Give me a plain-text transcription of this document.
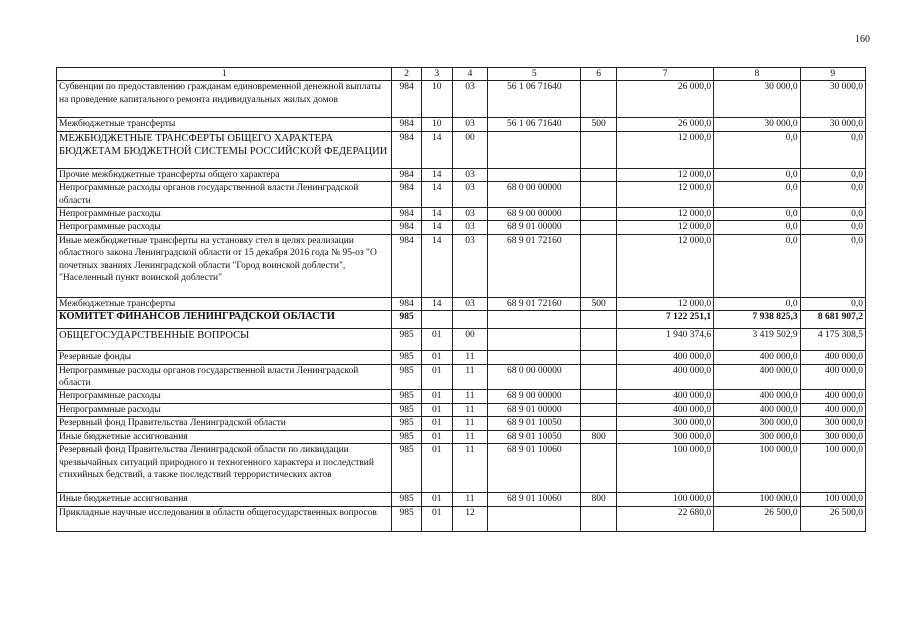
160
1	2	3	4	5	6	7	8	9
Субвенции по предоставлению гражданам единовременной денежной выплаты на проведение капитального ремонта индивидуальных жилых домов	984	10	03	56 1 06 71640		26 000,0	30 000,0	30 000,0
Межбюджетные трансферты	984	10	03	56 1 06 71640	500	26 000,0	30 000,0	30 000,0
МЕЖБЮДЖЕТНЫЕ ТРАНСФЕРТЫ ОБЩЕГО ХАРАКТЕРА БЮДЖЕТАМ БЮДЖЕТНОЙ СИСТЕМЫ РОССИЙСКОЙ ФЕДЕРАЦИИ	984	14	00			12 000,0	0,0	0,0
Прочие межбюджетные трансферты общего характера	984	14	03			12 000,0	0,0	0,0
Непрограммные расходы органов государственной власти Ленинградской области	984	14	03	68 0 00 00000		12 000,0	0,0	0,0
Непрограммные расходы	984	14	03	68 9 00 00000		12 000,0	0,0	0,0
Непрограммные расходы	984	14	03	68 9 01 00000		12 000,0	0,0	0,0
Иные межбюджетные трансферты на установку стел в целях реализации областного закона Ленинградской области от 15 декабря 2016 года № 95-оз "О почетных званиях Ленинградской области "Город воинской доблести", "Населенный пункт воинской доблести"	984	14	03	68 9 01 72160		12 000,0	0,0	0,0
Межбюджетные трансферты	984	14	03	68 9 01 72160	500	12 000,0	0,0	0,0
КОМИТЕТ ФИНАНСОВ ЛЕНИНГРАДСКОЙ ОБЛАСТИ	985					7 122 251,1	7 938 825,3	8 681 907,2
ОБЩЕГОСУДАРСТВЕННЫЕ ВОПРОСЫ	985	01	00			1 940 374,6	3 419 502,9	4 175 308,5
Резервные фонды	985	01	11			400 000,0	400 000,0	400 000,0
Непрограммные расходы органов государственной власти Ленинградской области	985	01	11	68 0 00 00000		400 000,0	400 000,0	400 000,0
Непрограммные расходы	985	01	11	68 9 00 00000		400 000,0	400 000,0	400 000,0
Непрограммные расходы	985	01	11	68 9 01 00000		400 000,0	400 000,0	400 000,0
Резервный фонд Правительства Ленинградской области	985	01	11	68 9 01 10050		300 000,0	300 000,0	300 000,0
Иные бюджетные ассигнования	985	01	11	68 9 01 10050	800	300 000,0	300 000,0	300 000,0
Резервный фонд Правительства Ленинградской области по ликвидации чрезвычайных ситуаций природного и техногенного характера и последствий стихийных бедствий, а также последствий террористических актов	985	01	11	68 9 01 10060		100 000,0	100 000,0	100 000,0
Иные бюджетные ассигнования	985	01	11	68 9 01 10060	800	100 000,0	100 000,0	100 000,0
Прикладные научные исследования в области общегосударственных вопросов	985	01	12			22 680,0	26 500,0	26 500,0
